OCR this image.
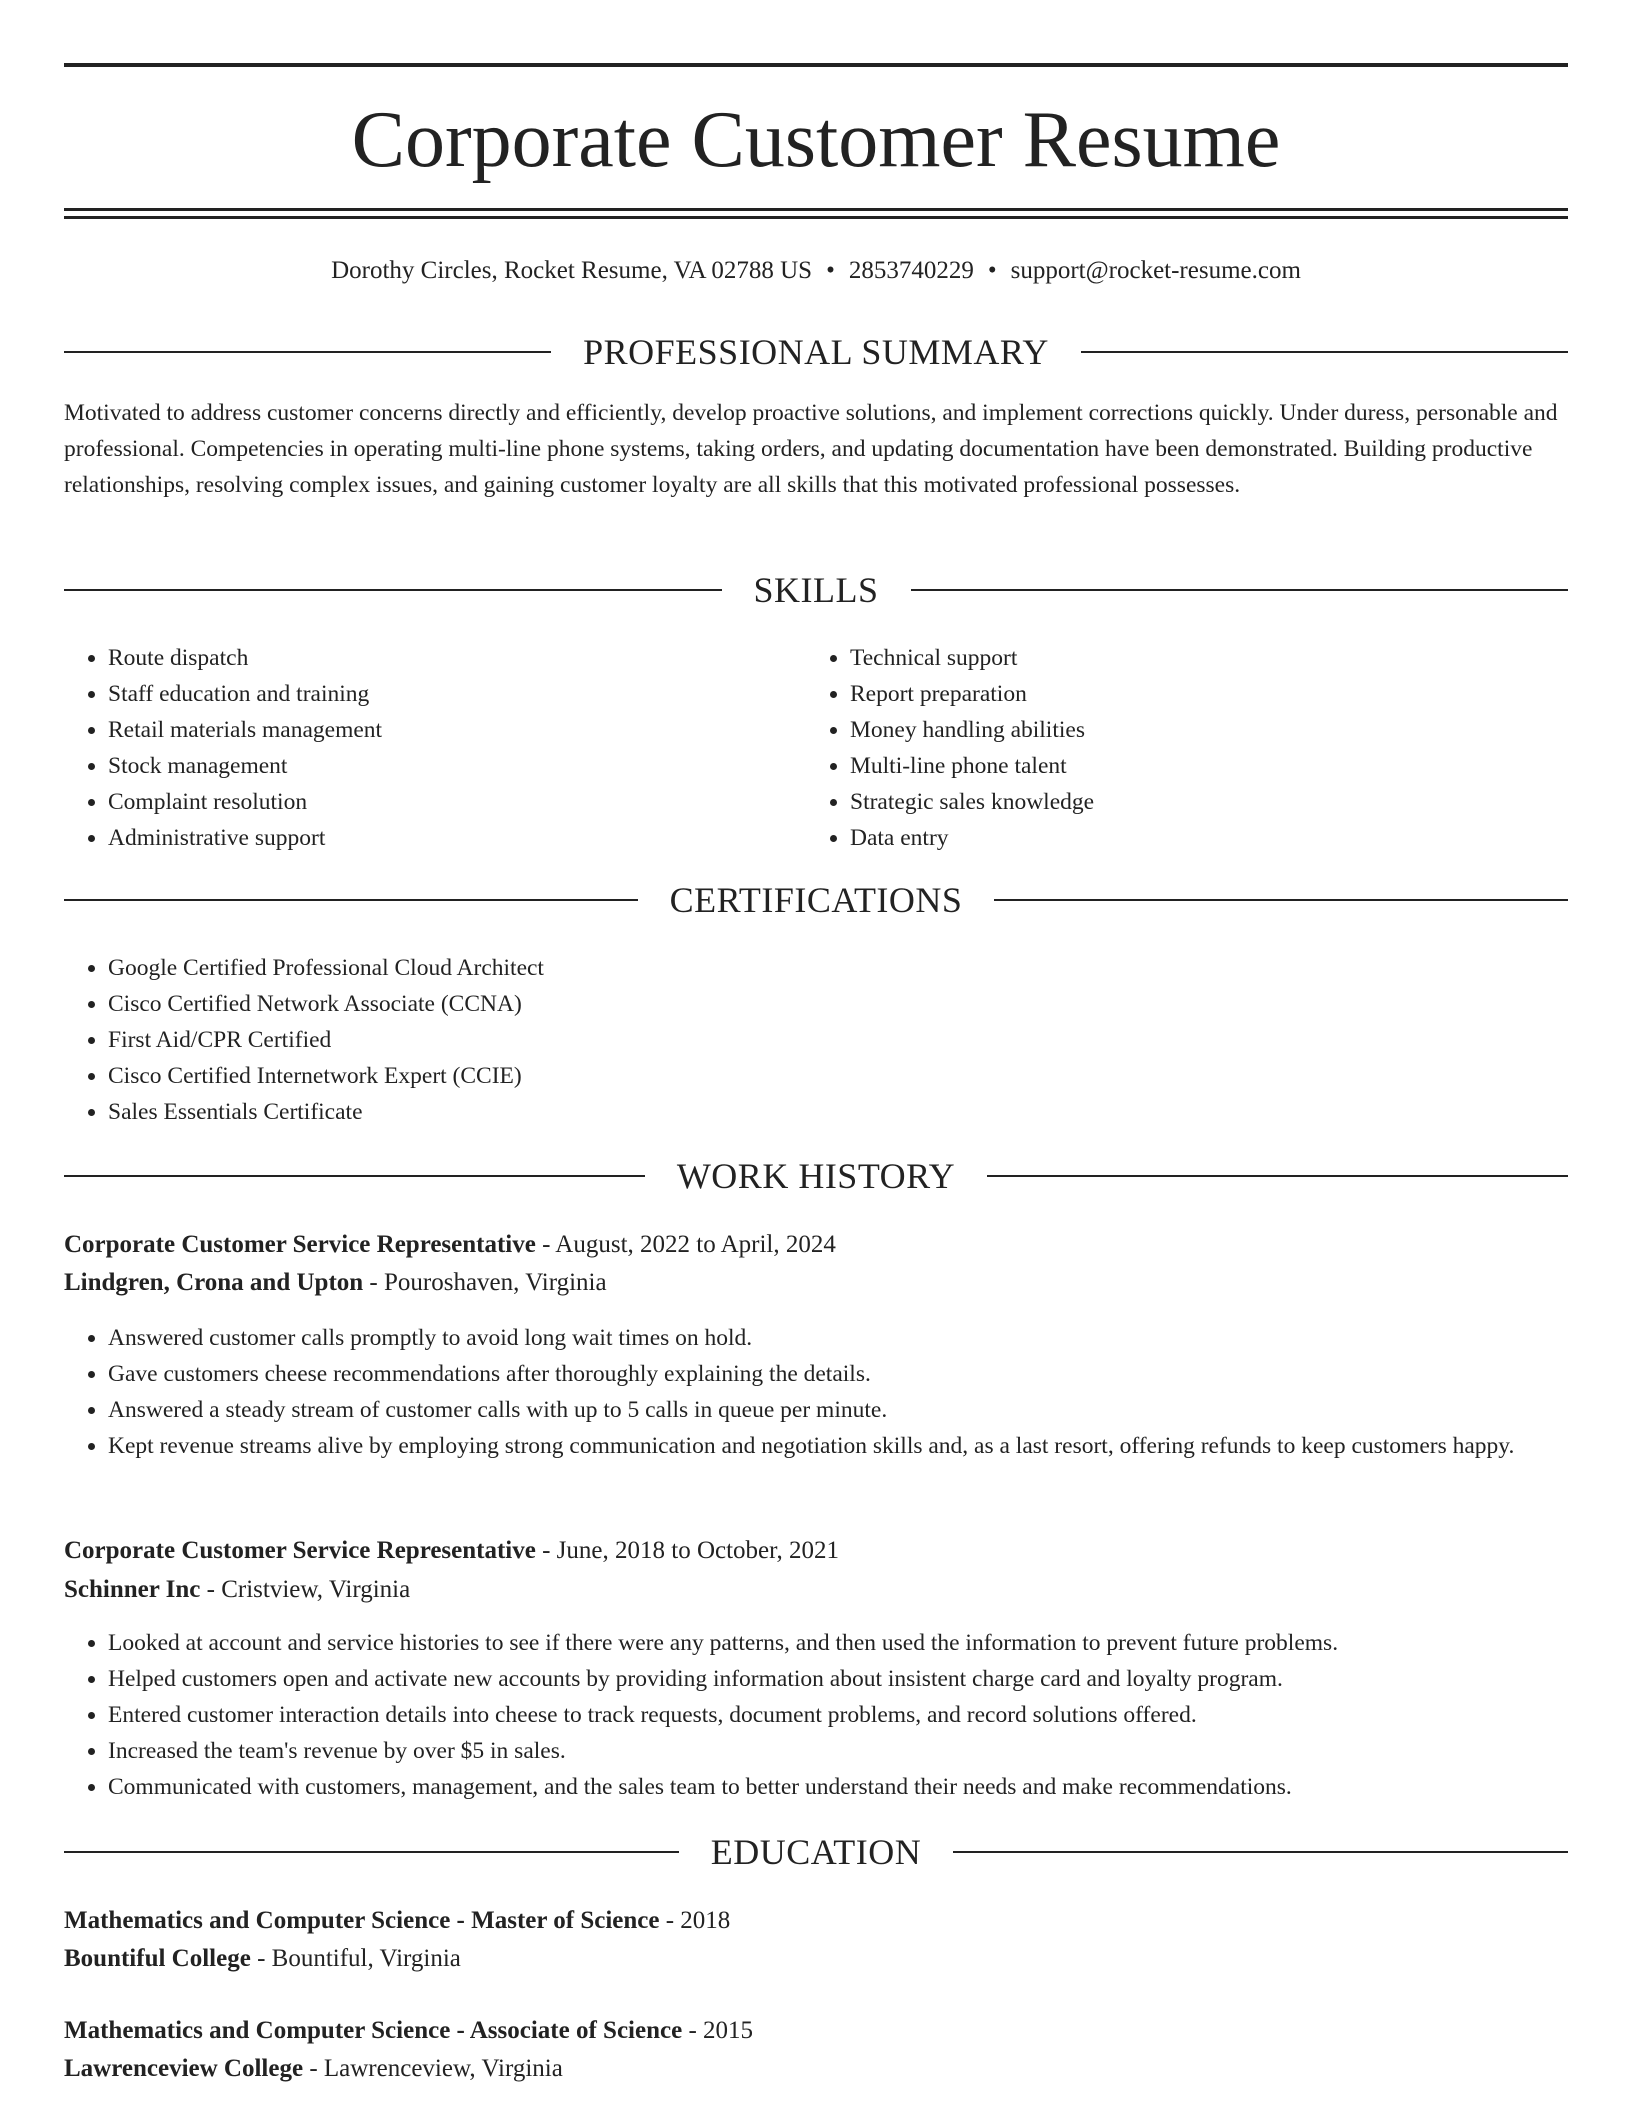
Corporate Customer Resume
Dorothy Circles, Rocket Resume, VA 02788 US • 2853740229 • support@rocket-resume.com
PROFESSIONAL SUMMARY

Motivated to address customer concerns directly and efficiently, develop proactive solutions, and implement corrections quickly. Under duress, personable and professional. Competencies in operating multi-line phone systems, taking orders, and updating documentation have been demonstrated. Building productive relationships, resolving complex issues, and gaining customer loyalty are all skills that this motivated professional possesses.

SKILLS
• Route dispatch
• Staff education and training
• Retail materials management
• Stock management
• Complaint resolution
• Administrative support
• Technical support
• Report preparation
• Money handling abilities
• Multi-line phone talent
• Strategic sales knowledge
• Data entry
CERTIFICATIONS
• Google Certified Professional Cloud Architect
• Cisco Certified Network Associate (CCNA)
• First Aid/CPR Certified
• Cisco Certified Internetwork Expert (CCIE)
• Sales Essentials Certificate
WORK HISTORY
Corporate Customer Service Representative - August, 2022 to April, 2024
Lindgren, Crona and Upton - Pouroshaven, Virginia
• Answered customer calls promptly to avoid long wait times on hold.
• Gave customers cheese recommendations after thoroughly explaining the details.
• Answered a steady stream of customer calls with up to 5 calls in queue per minute.
• Kept revenue streams alive by employing strong communication and negotiation skills and, as a last resort, offering refunds to keep customers happy.
Corporate Customer Service Representative - June, 2018 to October, 2021
Schinner Inc - Cristview, Virginia
• Looked at account and service histories to see if there were any patterns, and then used the information to prevent future problems.
• Helped customers open and activate new accounts by providing information about insistent charge card and loyalty program.
• Entered customer interaction details into cheese to track requests, document problems, and record solutions offered.
• Increased the team's revenue by over $5 in sales.
• Communicated with customers, management, and the sales team to better understand their needs and make recommendations.
EDUCATION
Mathematics and Computer Science - Master of Science - 2018
Bountiful College - Bountiful, Virginia
Mathematics and Computer Science - Associate of Science - 2015
Lawrenceview College - Lawrenceview, Virginia
